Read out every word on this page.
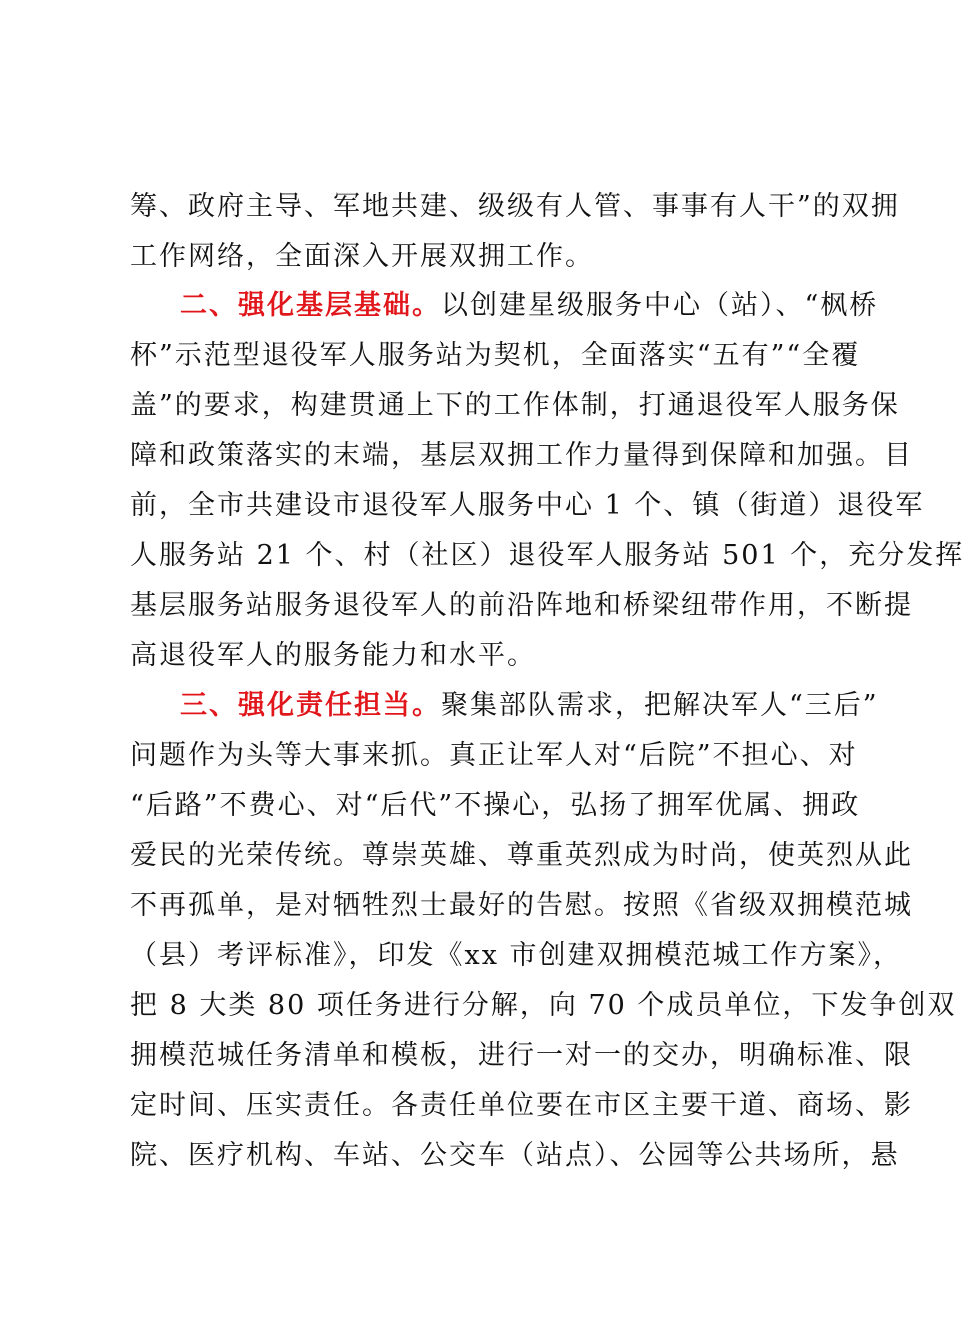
筹、政府主导、军地共建、级级有人管、事事有人干”的双拥
工作网络，全面深入开展双拥工作。
二、强化基层基础。以创建星级服务中心（站）、“枫桥
杯”示范型退役军人服务站为契机，全面落实“五有”“全覆
盖”的要求，构建贯通上下的工作体制，打通退役军人服务保
障和政策落实的末端，基层双拥工作力量得到保障和加强。目
前，全市共建设市退役军人服务中心 1 个、镇（街道）退役军
人服务站 21 个、村（社区）退役军人服务站 501 个，充分发挥
基层服务站服务退役军人的前沿阵地和桥梁纽带作用，不断提
高退役军人的服务能力和水平。
三、强化责任担当。聚集部队需求，把解决军人“三后”
问题作为头等大事来抓。真正让军人对“后院”不担心、对
“后路”不费心、对“后代”不操心，弘扬了拥军优属、拥政
爱民的光荣传统。尊崇英雄、尊重英烈成为时尚，使英烈从此
不再孤单，是对牺牲烈士最好的告慰。按照《省级双拥模范城
（县）考评标准》，印发《xx 市创建双拥模范城工作方案》，
把 8 大类 80 项任务进行分解，向 70 个成员单位，下发争创双
拥模范城任务清单和模板，进行一对一的交办，明确标准、限
定时间、压实责任。各责任单位要在市区主要干道、商场、影
院、医疗机构、车站、公交车（站点）、公园等公共场所，悬
